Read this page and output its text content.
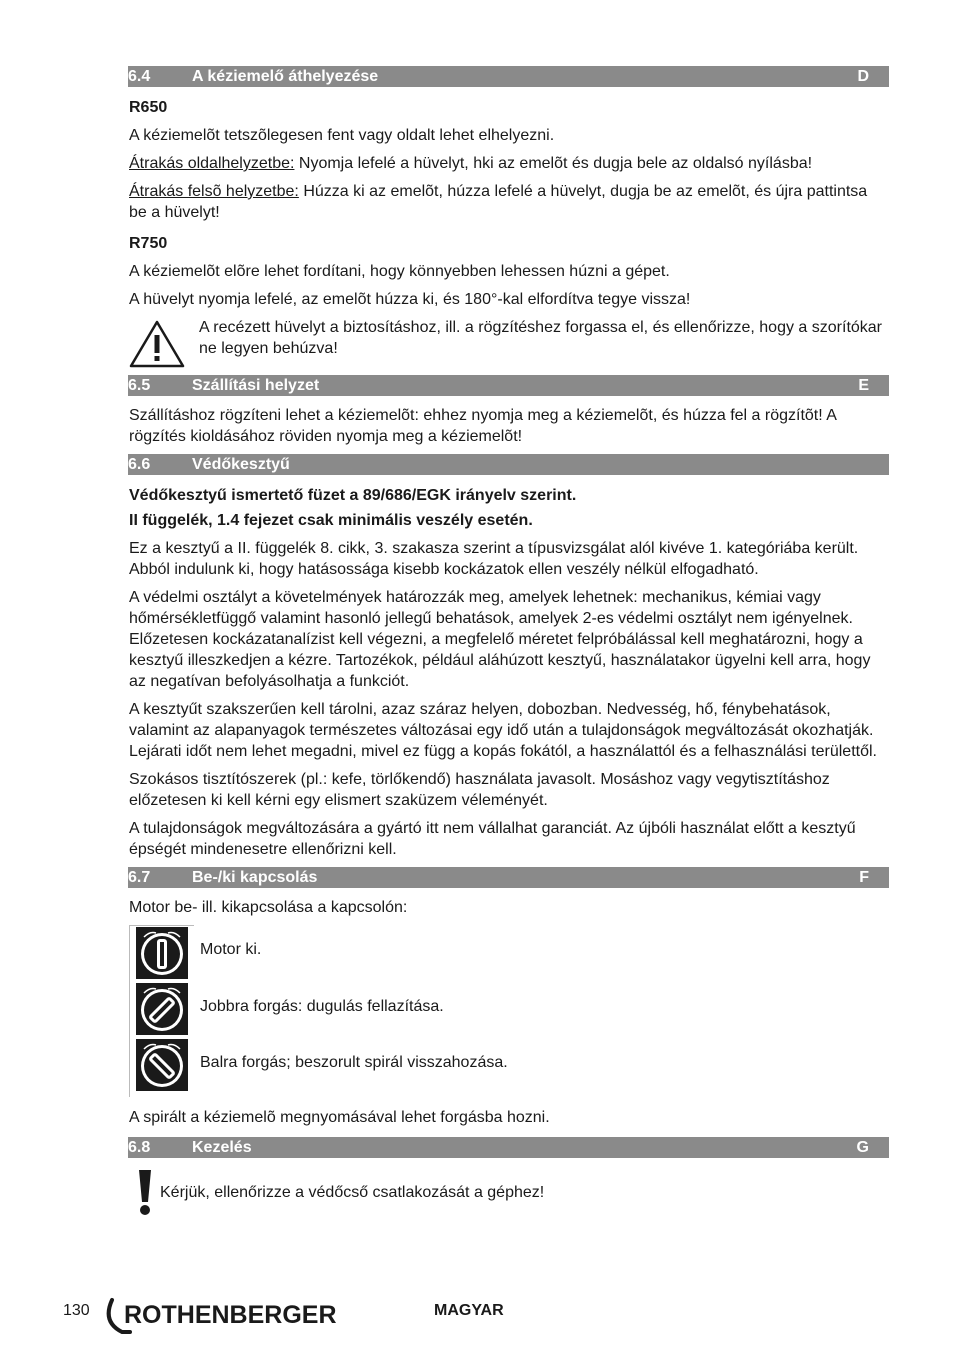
6.4	A kéziemelő áthelyezése	D

R650

A kéziemelõt tetszõlegesen fent vagy oldalt lehet elhelyezni.

Átrakás oldalhelyzetbe: Nyomja lefelé a hüvelyt, hki az emelõt és dugja bele az oldalsó nyílásba!

Átrakás felsõ helyzetbe: Húzza ki az emelõt, húzza lefelé a hüvelyt, dugja be az emelõt, és újra pattintsa be a hüvelyt!

R750

A kéziemelõt elõre lehet fordítani, hogy könnyebben lehessen húzni a gépet.

A hüvelyt nyomja lefelé, az emelõt húzza ki, és 180°-kal elfordítva tegye vissza!

A recézett hüvelyt a biztosításhoz, ill. a rögzítéshez forgassa el, és ellenőrizze, hogy a szorítókar ne legyen behúzva!
6.5	Szállítási helyzet	E

Szállításhoz rögzíteni lehet a kéziemelõt: ehhez nyomja meg a kéziemelõt, és húzza fel a rögzítõt! A rögzítés kioldásához röviden nyomja meg a kéziemelõt!

6.6	Védőkesztyű

Védőkesztyű ismertető füzet a 89/686/EGK irányelv szerint.

II függelék, 1.4 fejezet csak minimális veszély esetén.

Ez a kesztyű a II. függelék 8. cikk, 3. szakasza szerint a típusvizsgálat alól kivéve 1. kategóriába került. Abból indulunk ki, hogy hatásossága kisebb kockázatok ellen veszély nélkül elfogadható.

A védelmi osztályt a követelmények határozzák meg, amelyek lehetnek: mechanikus, kémiai vagy hőmérsékletfüggő valamint hasonló jellegű behatások, amelyek 2-es védelmi osztályt nem igényelnek. Előzetesen kockázatanalízist kell végezni, a megfelelő méretet felpróbálással kell meghatározni, hogy a kesztyű illeszkedjen a kézre. Tartozékok, például aláhúzott kesztyű, használatakor ügyelni kell arra, hogy az negatívan befolyásolhatja a funkciót.

A kesztyűt szakszerűen kell tárolni, azaz száraz helyen, dobozban. Nedvesség, hő, fénybehatások, valamint az alapanyagok természetes változásai egy idő után a tulajdonságok megváltozását okozhatják. Lejárati időt nem lehet megadni, mivel ez függ a kopás fokától, a használattól és a felhasználási területtől.

Szokásos tisztítószerek (pl.: kefe, törlőkendő) használata javasolt. Mosáshoz vagy vegytisztításhoz előzetesen ki kell kérni egy elismert szaküzem véleményét.

A tulajdonságok megváltozására a gyártó itt nem vállalhat garanciát. Az újbóli használat előtt a kesztyű épségét mindenesetre ellenőrizni kell.

6.7	Be-/ki kapcsolás	F

Motor be- ill. kikapcsolása a kapcsolón:

Motor ki.
Jobbra forgás: dugulás fellazítása.
Balra forgás; beszorult spirál visszahozása.

A spirált a kéziemelõ megnyomásával lehet forgásba hozni.

6.8	Kezelés	G
Kérjük, ellenőrizze a védőcső csatlakozását a géphez!
130 ROTHENBERGER	MAGYAR
